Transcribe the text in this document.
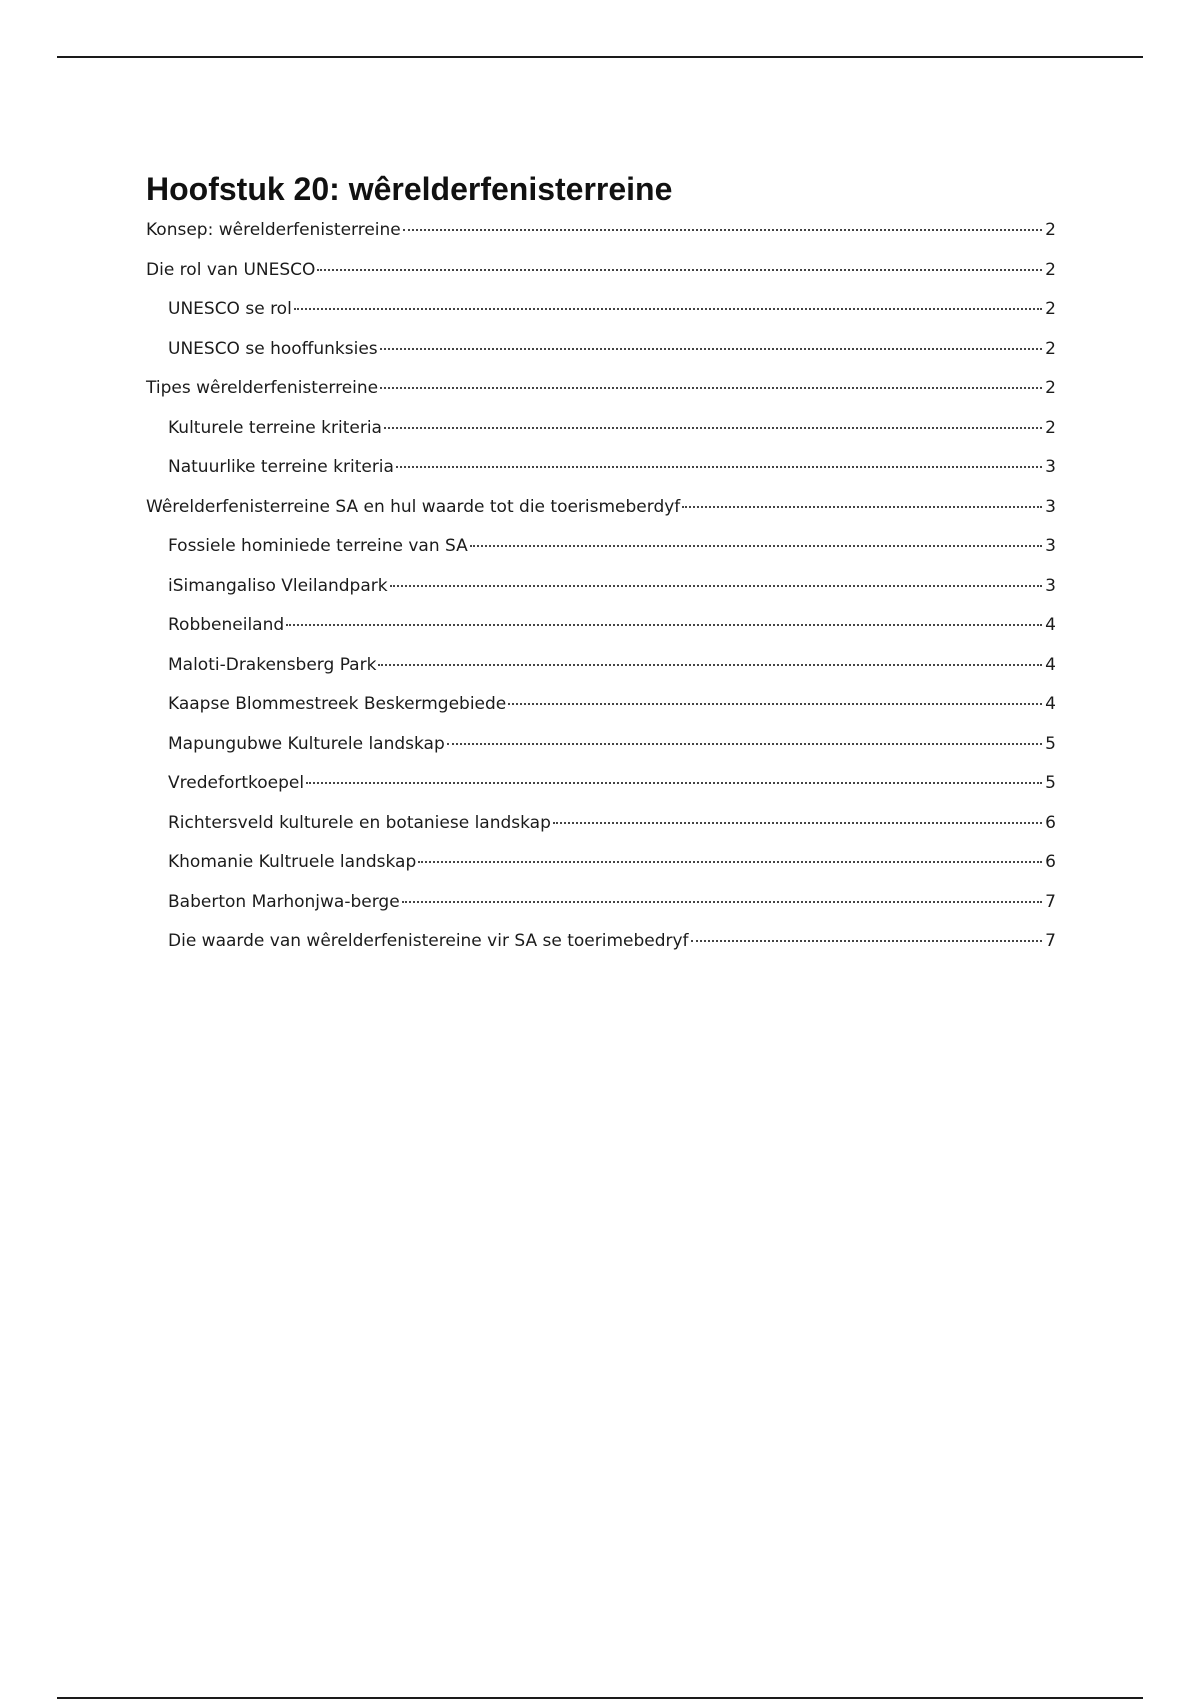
Hoofstuk 20: wêrelderfenisterreine
Konsep: wêrelderfenisterreine	2
Die rol van UNESCO	2
UNESCO se rol	2
UNESCO se hooffunksies	2
Tipes wêrelderfenisterreine	2
Kulturele terreine kriteria	2
Natuurlike terreine kriteria	3
Wêrelderfenisterreine SA en hul waarde tot die toerismeberdyf	3
Fossiele hominiede terreine van SA	3
iSimangaliso Vleilandpark	3
Robbeneiland	4
Maloti-Drakensberg Park	4
Kaapse Blommestreek Beskermgebiede	4
Mapungubwe Kulturele landskap	5
Vredefortkoepel	5
Richtersveld kulturele en botaniese landskap	6
Khomanie Kultruele landskap	6
Baberton Marhonjwa-berge	7
Die waarde van wêrelderfenistereine vir SA se toerimebedryf	7
